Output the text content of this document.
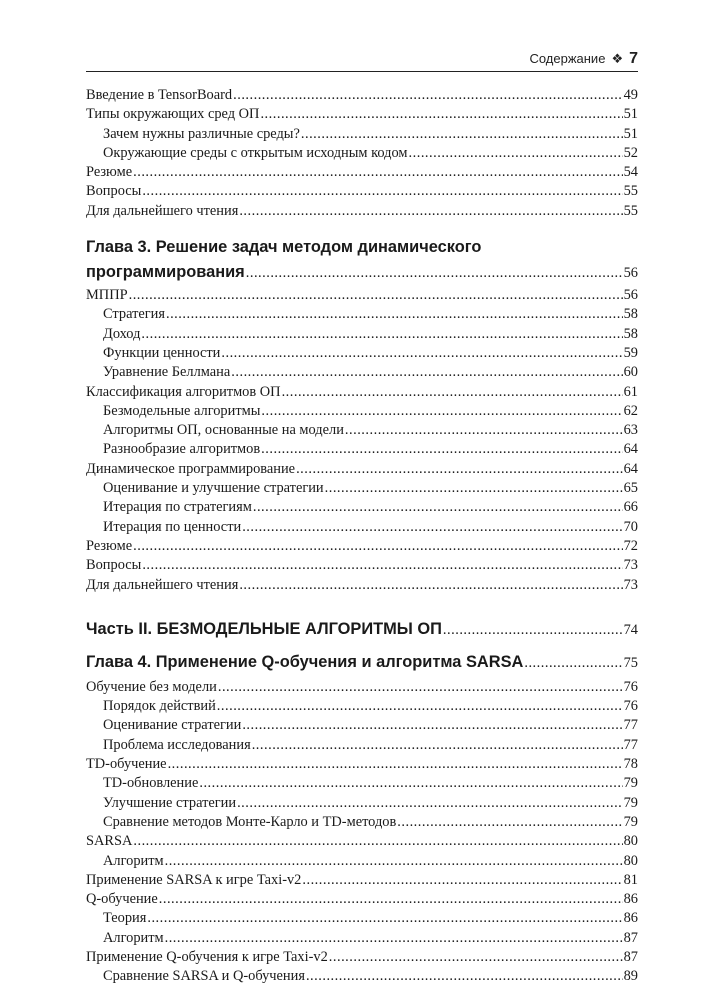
Содержание ❖ 7
Введение в TensorBoard .....	49
Типы окружающих сред ОП .....	51
Зачем нужны различные среды? .....	51
Окружающие среды с открытым исходным кодом .....	52
Резюме .....	54
Вопросы .....	55
Для дальнейшего чтения .....	55
Глава 3. Решение задач методом динамического
программирования .....	56
МППР .....	56
Стратегия .....	58
Доход .....	58
Функции ценности .....	59
Уравнение Беллмана .....	60
Классификация алгоритмов ОП .....	61
Безмодельные алгоритмы .....	62
Алгоритмы ОП, основанные на модели .....	63
Разнообразие алгоритмов .....	64
Динамическое программирование .....	64
Оценивание и улучшение стратегии .....	65
Итерация по стратегиям .....	66
Итерация по ценности .....	70
Резюме .....	72
Вопросы .....	73
Для дальнейшего чтения .....	73
Часть II. БЕЗМОДЕЛЬНЫЕ АЛГОРИТМЫ ОП .....	74
Глава 4. Применение Q-обучения и алгоритма SARSA .....	75
Обучение без модели .....	76
Порядок действий .....	76
Оценивание стратегии .....	77
Проблема исследования .....	77
TD-обучение .....	78
TD-обновление .....	79
Улучшение стратегии .....	79
Сравнение методов Монте-Карло и TD-методов .....	79
SARSA .....	80
Алгоритм .....	80
Применение SARSA к игре Taxi-v2 .....	81
Q-обучение .....	86
Теория .....	86
Алгоритм .....	87
Применение Q-обучения к игре Taxi-v2 .....	87
Сравнение SARSA и Q-обучения .....	89
